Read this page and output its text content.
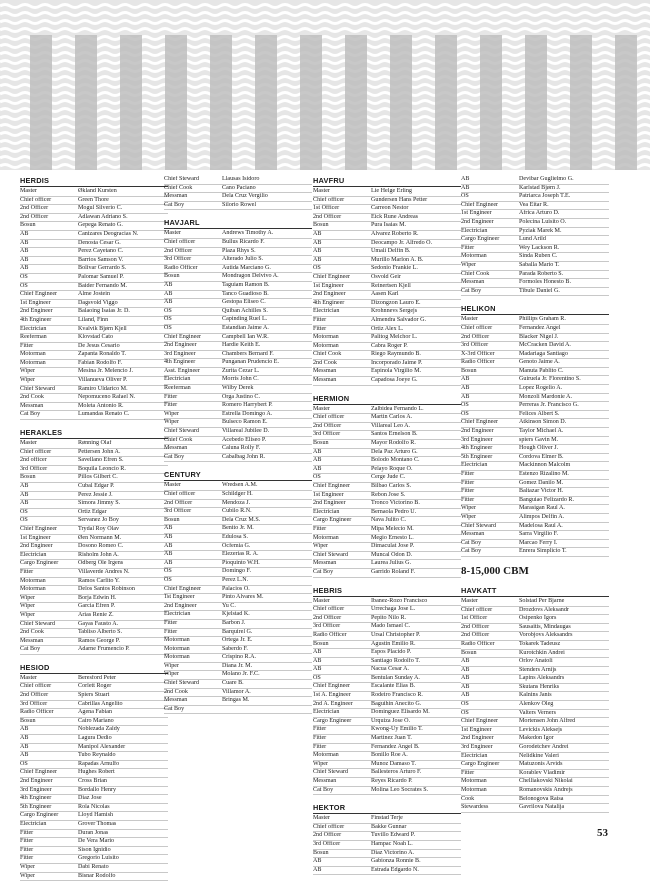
HERDIS
Master	Økland Kursten
Chief officer	Green Thore
2nd Officer	Mogul Silverio C.
2nd Officer	Adlawan Adriano S.
Bosun	Gepega Renato G.
AB	Canizares Deogracias N.
AB	Denosta Cesar G.
AB	Perez Cayetano C.
AB	Barrios Samson V.
AB	Bolivar Gerrardo S.
OS	Palomar Samuel P.
OS	Baider Fernando M.
Chief Engineer	Alme Jostein
1st Engineer	Dagsvold Viggo
2nd Engineer	Balaoing Isaias Jr. D.
4th Engineer	Liland, Finn
Electrician	Kvalvik Bjørn Kjell
Reeferman	Klovstad Cato
Fitter	De Jesus Cesario
Motorman	Zapanta Ronaldo T.
Motorman	Fabian Rodolfo F.
Wiper	Mesina Jr. Melencio J.
Wiper	Villanueva Oliver P.
Chief Steward	Ramiro Uldarico M.
2nd Cook	Nepomuceno Rafael N.
Messman	Moleta Antonio R.
Cat Boy	Lumandas Renato C.
HERAKLES
Master	Rønning Olaf
Chief officer	Pettersen John A.
2nd officer	Savellano Efren S.
3rd Officer	Boquila Leoncio R.
Bosun	Pillos Gilbert C.
AB	Cubal Edgar P.
AB	Perez Jessie J.
AB	Simora Jimmy S.
OS	Ortiz Edgar
OS	Servanez Jo Boy
Chief Engineer	Trydal Roy Olav
1st Engineer	Øen Normann M.
2nd Engineer	Dosono Romeo C.
Electrician	Risholm John A.
Cargo Engineer	Odberg Ole Irgens
Fitter	Villaverde Andres N.
Motorman	Ramos Carlito Y.
Motorman	Delos Santos Robinson
Wiper	Borja Edwin H.
Wiper	Garcia Efren P.
Wiper	Arias Renie Z.
Chief Steward	Gayas Fausto A.
2nd Cook	Tabliso Alberto S.
Messman	Ramos George P.
Cat Boy	Adarne Frumencio P.
HESIOD
Master	Beresford Peter
Chief officer	Corlett Roger
2nd Officer	Spiers Stuart
3rd Officer	Cabrillas Angelito
Radio Officer	Agena Fabian
Bosun	Cairo Mariano
AB	Noblezada Zaldy
AB	Lagura Dedio
AB	Manipol Alexander
AB	Tubo Reynaldo
OS	Rapadas Arnulfo
Chief Engineer	Hughes Robert
2nd Engineer	Cross Brian
3rd Engineer	Bordallo Henry
4th Engineer	Diaz Jose
5th Engineer	Rola Nicolas
Cargo Engineer	Lloyd Hamish
Electrician	Grover Thomas
Fitter	Duran Jonas
Fitter	De Vera Mario
Fitter	Sison Ignidio
Fitter	Gregorio Luisito
Wiper	Dabi Renato
Wiper	Bisnar Rodolfo
Chief Steward	Llausas Isidoro
Chief Cook	Cano Paciano
Messman	Dela Cruz Vergilio
Cat Boy	Silorio Rowel
HAVJARL
Master	Andrews Timothy A.
Chief officer	Bullus Ricardo F.
2nd Officer	Plaza Rhys S.
3rd Officer	Alterado Julio S.
Radio Officer	Autida Marciano G.
Bosun	Mondragon Delvivo A.
AB	Taguiam Ramon B.
AB	Tanco Guadioso B.
AB	Gestopa Eliseo C.
OS	Quiban Achilles S.
OS	Capinding Ruel L.
OS	Estandian Jaime A.
Chief Engineer	Campbell Ian W.R.
2nd Engineer	Hardie Keith E.
3rd Engineer	Chambers Bernard F.
4th Engineer	Punganan Prudencio E.
Asst. Engineer	Zurita Cezar L.
Electrician	Morris John C.
Reeferman	Wilby Derek
Fitter	Orga Justino C.
Fitter	Romero Harrybert P.
Wiper	Estrella Domingo A.
Wiper	Bulseco Ramon E.
Chief Steward	Villareal Jubilee D.
Chief Cook	Acebedo Eliseo P.
Messman	Caluna Rolly F.
Cat Boy	Cabalbag John R.
CENTURY
Master	Wredsen A.M.
Chief officer	Schildger H.
2nd Officer	Mendoza J.
3rd Officer	Cubilo R.N.
Bosun	Dela Cruz M.S.
AB	Benito Jr. M.
AB	Edulosa S.
AB	Ocfemia G.
AB	Elezerias R. A.
AB	Pioquinto W.H.
OS	Domingo F.
OS	Perez L.N.
Chief Engineer	Palacios O.
1st Engineer	Pinto Alvares M.
2nd Engineer	Yu C.
Electrician	Kjelstad K.
Fitter	Barbon J.
Fitter	Barquirel G.
Motorman	Ortega Jr. E.
Motorman	Saberdo F.
Motorman	Crispino R.A.
Wiper	Diana Jr. M.
Wiper	Molano Jr. F.C.
Chief Steward	Cuare B.
2nd Cook	Villamor A.
Messman	Bringas M.
Cat Boy
HAVFRU
Master	Lie Helge Erling
Chief officer	Gundersen Hans Petter
1st Officer	Carreon Nestor
2nd Officer	Eick Rune Andreas
Bosun	Pura Isaias M.
AB	Alvarez Roberto R.
AB	Deocampo Jr. Alfredo O.
AB	Umali Delfin B.
AB	Murillo Marlon A. B.
OS	Sedonio Frankie L.
Chief Engineer	Osvold Geir
1st Engineer	Reinertsen Kjell
2nd Engineer	Aasen Karl
4th Engineer	Dizongzon Lauro E.
Electrician	Krohnnevs Sergejs
Fitter	Almendra Salvador G.
Fitter	Ortiz Alex L.
Motorman	Palitog Melchor L.
Motorman	Cabra Roger P.
Chief Cook	Riego Raymundo B.
2nd Cook	Incorporado Jaime P.
Messman	Espinola Virgilio M.
Messman	Capadosa Joeye G.
HERMION
Master	Zalbidea Fernando L.
Chief officer	Martin Carlos A.
2nd Officer	Villareal Leo A.
3rd Officer	Santos Ernelson B.
Bosun	Mayor Rodolfo R.
AB	Dela Paz Arturo G.
AB	Bolodo Montano C.
AB	Pelayo Roque O.
OS	Cerge Jude C.
Chief Engineer	Bilbao Carlos S.
1st Engineer	Rebon Jose S.
2nd Engineer	Tronco Victorino B.
Electrician	Bernaola Pedro U.
Cargo Engineer	Nava Julito C.
Fitter	Mipa Melecio M.
Motorman	Megio Ernesto L.
Wiper	Dimaculat Jose P.
Chief Steward	Muncal Odon D.
Messman	Laurea Julius G.
Cat Boy	Garrido Roland F.
HEBRIS
Master	Ibanez-Rozo Francisco
Chief officer	Urrechaga Jose L.
2nd Officer	Pepito Nilo R.
3rd Officer	Mado Ismael C.
Radio Officer	Ursal Christopher P.
Bosun	Agustin Emilio R.
AB	Espos Placido P.
AB	Santiago Rodolfo T.
AB	Nacua Cesar A.
OS	Bentulan Sunday A.
Chief Engineer	Escalante Elias B.
1st A. Engineer	Rodeiro Francisco R.
2nd A. Engineer	Baguihin Anecito G.
Electrician	Dominguez Elisardo M.
Cargo Engineer	Urquiza Jose O.
Fitter	Kwong-Uy Emilio T.
Fitter	Martinez Juan T.
Fitter	Fernandez Angel B.
Motorman	Bonillo Roe A.
Wiper	Munoz Damaso T.
Chief Steward	Ballesteros Arturo F.
Messman	Reyes Ricardo P.
Cat Boy	Molina Leo Socrates S.
HEKTOR
Master	Finstad Terje
Chief officer	Bakke Gunnar
2nd Officer	Tuvillo Edward P.
3rd Officer	Hampac Noah L.
Bosun	Diaz Victorino A.
AB	Gabionza Ronnie B.
AB	Estrada Edgardo N.
AB	Devibar Guglielmo G.
AB	Karlstad Bjørn J.
OS	Patriarca Joseph T.E.
Chief Engineer	Vea Eitar R.
1st Engineer	Africa Arturo D.
2nd Engineer	Polecina Luisito O.
Electrician	Pyziak Marek M.
Cargo Engineer	Lund Arild
Fitter	Wey Lackson R.
Motorman	Sinda Ruben C.
Wiper	Saballa Mario T.
Chief Cook	Parada Roberto S.
Messman	Formoles Honesto B.
Cat Boy	Tibule Daniel G.
HELIKON
Master	Phillips Graham R.
Chief officer	Fernandez Angel
2nd Officer	Blacker Nigel J.
3rd Officer	McCracken David A.
X-3rd Officer	Madariaga Santiago
Radio Officer	Genoto Jaime A.
Bosun	Manuta Pablito C.
AB	Guiruela Jr. Florentino S.
AB	Lopez Rogelio A.
AB	Monzoli Mardonie A.
OS	Perreras Jr. Francisco G.
OS	Felices Albert S.
Chief Engineer	Atkinson Simon D.
2nd Engineer	Taylor Michael A.
3rd Engineer	spiers Gavin M.
4th Engineer	Hough Oliver J.
5th Engineer	Cordova Elmer B.
Electrician	Mackinnon Malcolm
Fitter	Estenzo Rizalino M.
Fitter	Gomez Danilo M.
Fitter	Baltazar Victor H.
Fitter	Banguiao Felizardo R.
Wiper	Marasigan Raul A.
Wiper	Alimpos Delfin A.
Chief Steward	Madelosa Raul A.
Messman	Sarra Virgilio F.
Cat Boy	Marcao Ferry I.
Cat Boy	Enrera Simplicio T.
8-15,000 CBM
HAVKATT
Master	Solstad Per Bjarne
Chief officer	Drozdovs Aleksandr
1st Officer	Osipenko Igors
2nd Officer	Sausaitis, Mindaugas
2nd Officer	Vorobjovs Aleksandrs
Radio Officer	Tokarek Tadeusz
Bosun	Kurotchkin Andrei
AB	Orlov Anatoli
AB	Stenders Arnijs
AB	Lapins Aleksandrs
AB	Skutans Henriks
AB	Kalnins Janis
OS	Alenkov Oleg
OS	Valters Verners
Chief Engineer	Mortensen John Alfred
1st Engineer	Levickis Aleksejs
2nd Engineer	Makedon Igor
3rd Engineer	Gorodetchev Andrei
Electrician	Nelidkine Valeri
Cargo Engineer	Matuzonis Arvids
Fitter	Korablev Vladimir
Motorman	Chelliakovski Nikolai
Motorman	Romanovskis Andrejs
Cook	Belonogova Raisa
Stewardess	Gavrilova Natalija
53
